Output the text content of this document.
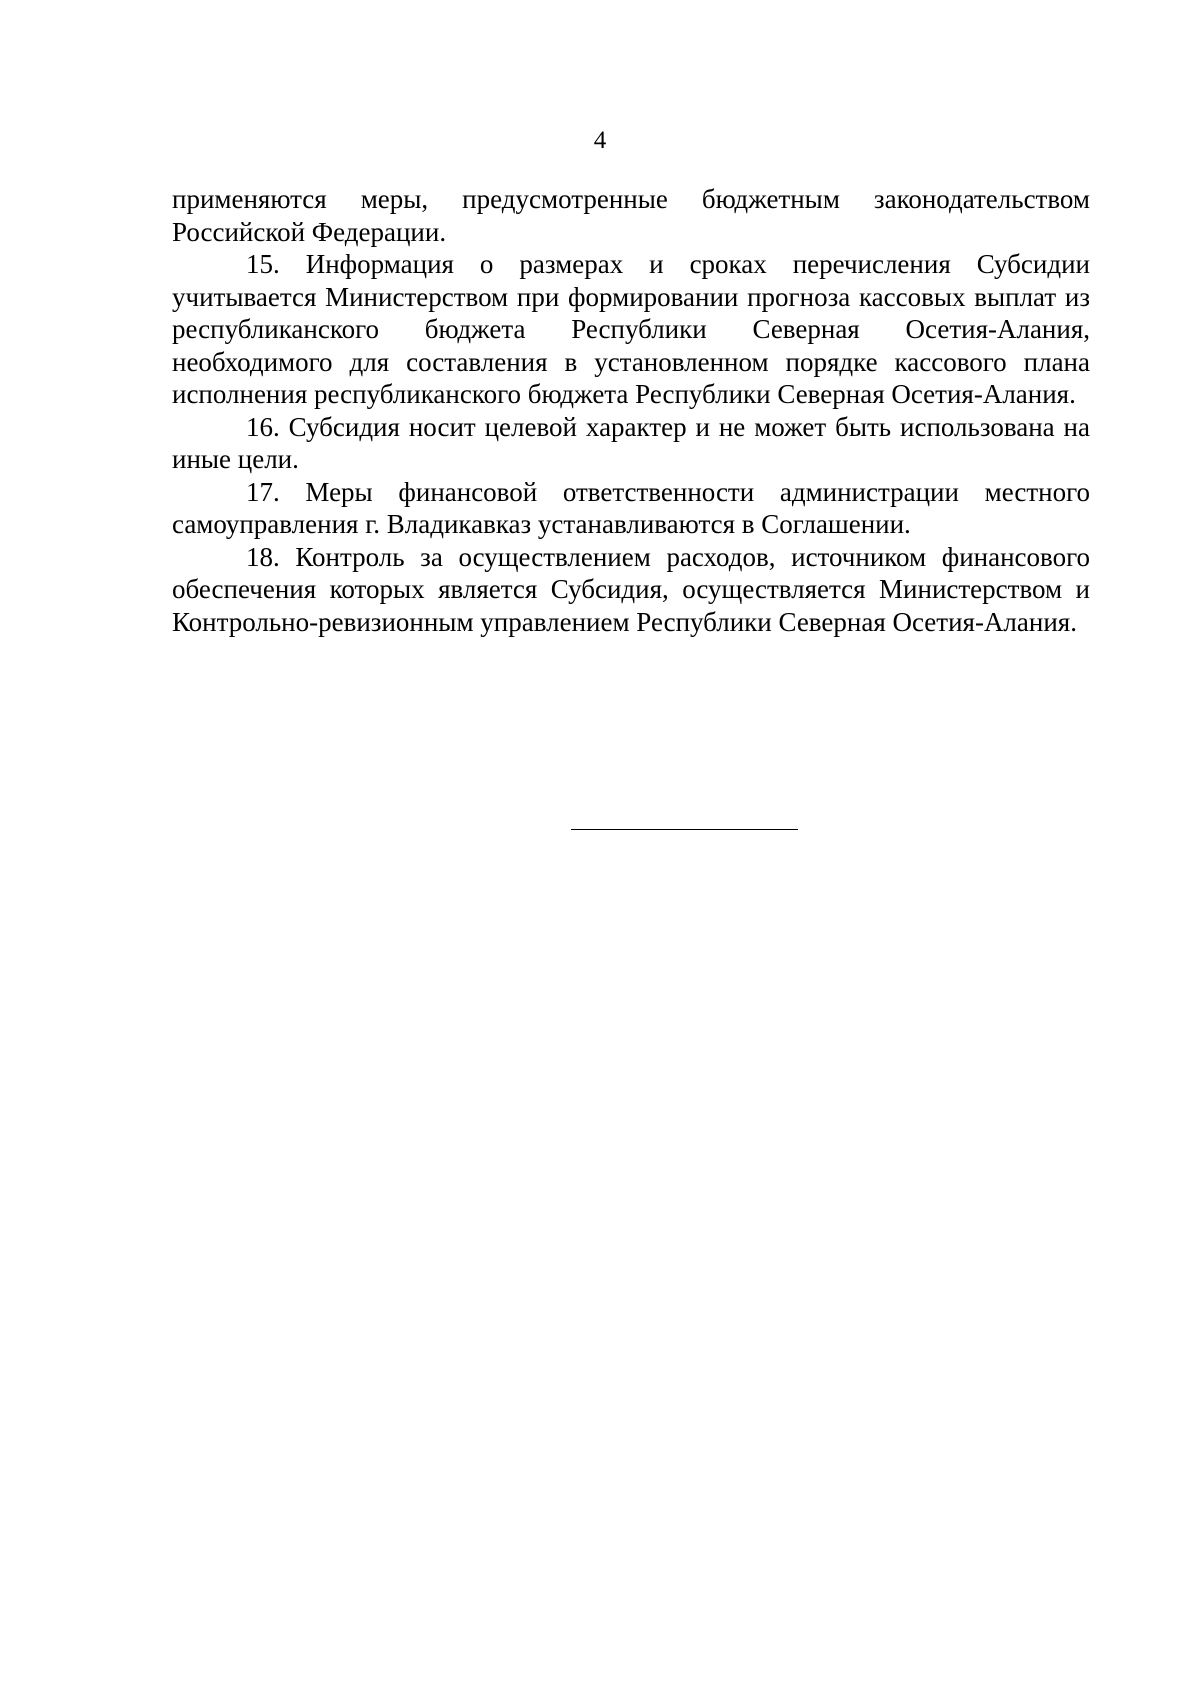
4

применяются меры, предусмотренные бюджетным законодательством Российской Федерации.

15. Информация о размерах и сроках перечисления Субсидии учитывается Министерством при формировании прогноза кассовых выплат из республиканского бюджета Республики Северная Осетия-Алания, необходимого для составления в установленном порядке кассового плана исполнения республиканского бюджета Республики Северная Осетия-Алания.

16. Субсидия носит целевой характер и не может быть использована на иные цели.

17. Меры финансовой ответственности администрации местного самоуправления г. Владикавказ устанавливаются в Соглашении.

18. Контроль за осуществлением расходов, источником финансового обеспечения которых является Субсидия, осуществляется Министерством и Контрольно-ревизионным управлением Республики Северная Осетия-Алания.
